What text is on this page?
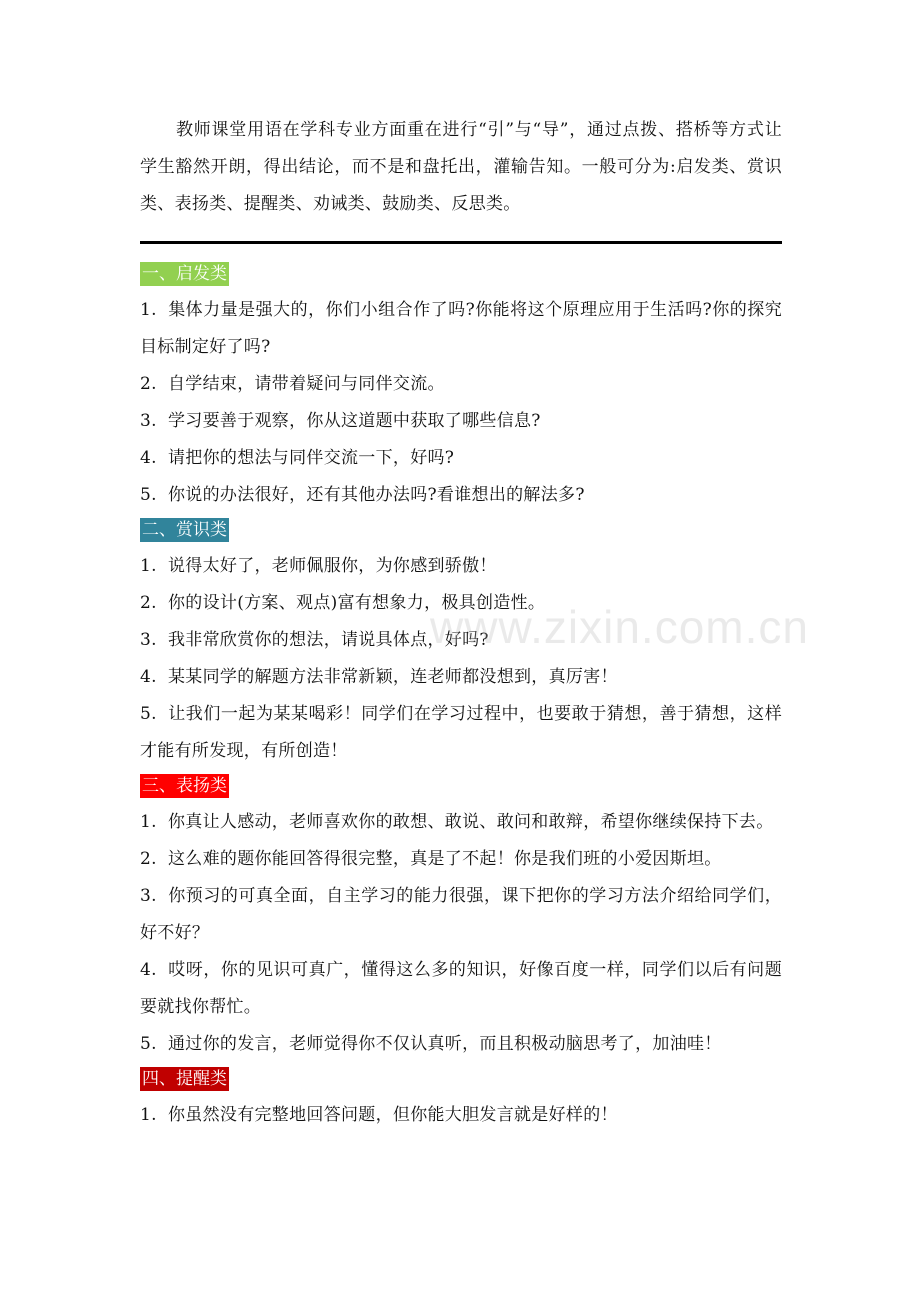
教师课堂用语在学科专业方面重在进行“引”与“导”，通过点拨、搭桥等方式让学生豁然开朗，得出结论，而不是和盘托出，灌输告知。一般可分为:启发类、赏识类、表扬类、提醒类、劝诫类、鼓励类、反思类。
一、启发类
1. 集体力量是强大的，你们小组合作了吗?你能将这个原理应用于生活吗?你的探究目标制定好了吗?
2. 自学结束，请带着疑问与同伴交流。
3. 学习要善于观察，你从这道题中获取了哪些信息?
4. 请把你的想法与同伴交流一下，好吗?
5. 你说的办法很好，还有其他办法吗?看谁想出的解法多?
二、赏识类
1. 说得太好了，老师佩服你，为你感到骄傲！
2. 你的设计(方案、观点)富有想象力，极具创造性。
3. 我非常欣赏你的想法，请说具体点，好吗?
4. 某某同学的解题方法非常新颖，连老师都没想到，真厉害！
5. 让我们一起为某某喝彩！同学们在学习过程中，也要敢于猜想，善于猜想，这样才能有所发现，有所创造！
三、表扬类
1. 你真让人感动，老师喜欢你的敢想、敢说、敢问和敢辩，希望你继续保持下去。
2. 这么难的题你能回答得很完整，真是了不起！你是我们班的小爱因斯坦。
3. 你预习的可真全面，自主学习的能力很强，课下把你的学习方法介绍给同学们，好不好？
4. 哎呀，你的见识可真广，懂得这么多的知识，好像百度一样，同学们以后有问题要就找你帮忙。
5. 通过你的发言，老师觉得你不仅认真听，而且积极动脑思考了，加油哇！
四、提醒类
1. 你虽然没有完整地回答问题，但你能大胆发言就是好样的！
www.zixin.com.cn
